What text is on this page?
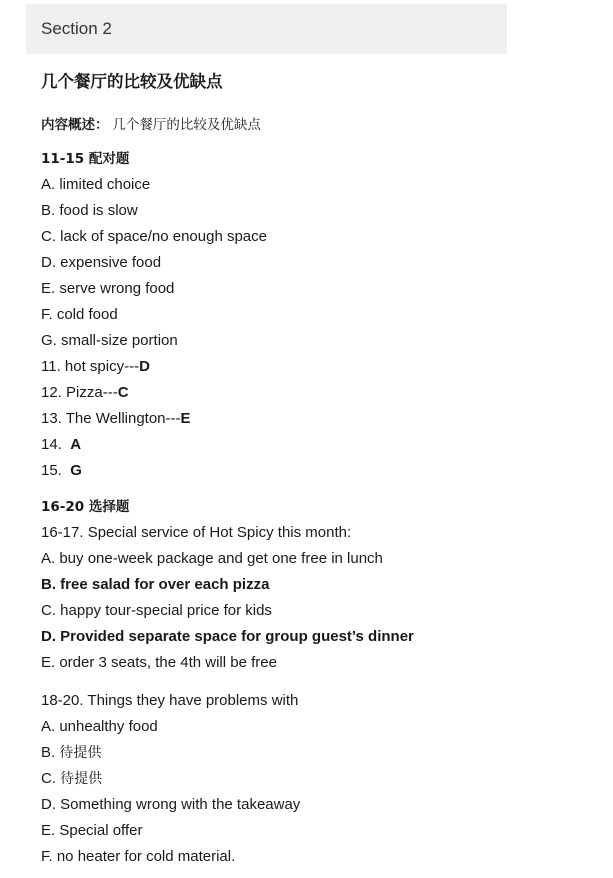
Section 2
几个餐厅的比较及优缺点
内容概述： 几个餐厅的比较及优缺点
11-15 配对题
A. limited choice
B. food is slow
C. lack of space/no enough space
D. expensive food
E. serve wrong food
F. cold food
G. small-size portion
11. hot spicy---D
12. Pizza---C
13. The Wellington---E
14.  A
15.  G
16-20 选择题
16-17. Special service of Hot Spicy this month:
A. buy one-week package and get one free in lunch
B. free salad for over each pizza
C. happy tour-special price for kids
D. Provided separate space for group guest’s dinner
E. order 3 seats, the 4th will be free
18-20. Things they have problems with
A. unhealthy food
B. 待提供
C. 待提供
D. Something wrong with the takeaway
E. Special offer
F. no heater for cold material.
